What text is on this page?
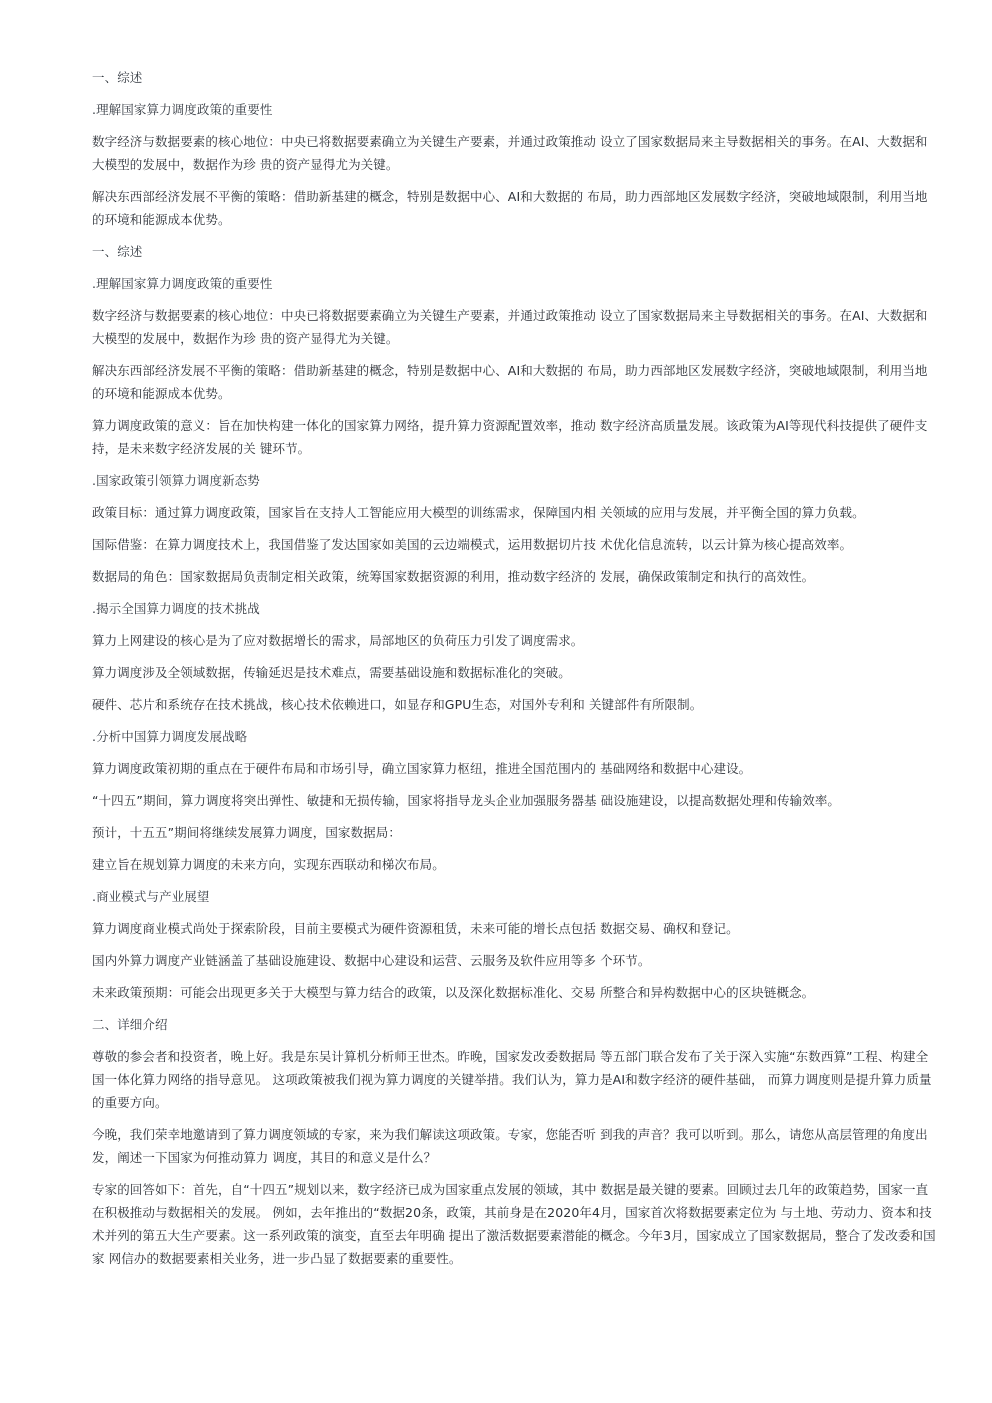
一、综述

.理解国家算力调度政策的重要性

数字经济与数据要素的核心地位：中央已将数据要素确立为关键生产要素，并通过政策推动 设立了国家数据局来主导数据相关的事务。在AI、大数据和大模型的发展中，数据作为珍 贵的资产显得尤为关键。

解决东西部经济发展不平衡的策略：借助新基建的概念，特别是数据中心、AI和大数据的 布局，助力西部地区发展数字经济，突破地域限制，利用当地的环境和能源成本优势。

一、综述

.理解国家算力调度政策的重要性

数字经济与数据要素的核心地位：中央已将数据要素确立为关键生产要素，并通过政策推动 设立了国家数据局来主导数据相关的事务。在AI、大数据和大模型的发展中，数据作为珍 贵的资产显得尤为关键。

解决东西部经济发展不平衡的策略：借助新基建的概念，特别是数据中心、AI和大数据的 布局，助力西部地区发展数字经济，突破地域限制，利用当地的环境和能源成本优势。

算力调度政策的意义：旨在加快构建一体化的国家算力网络，提升算力资源配置效率，推动 数字经济高质量发展。该政策为AI等现代科技提供了硬件支持，是未来数字经济发展的关 键环节。

.国家政策引领算力调度新态势

政策目标：通过算力调度政策，国家旨在支持人工智能应用大模型的训练需求，保障国内相 关领域的应用与发展，并平衡全国的算力负载。

国际借鉴：在算力调度技术上，我国借鉴了发达国家如美国的云边端模式，运用数据切片技 术优化信息流转，以云计算为核心提高效率。

数据局的角色：国家数据局负责制定相关政策，统筹国家数据资源的利用，推动数字经济的 发展，确保政策制定和执行的高效性。

.揭示全国算力调度的技术挑战

算力上网建设的核心是为了应对数据增长的需求，局部地区的负荷压力引发了调度需求。

算力调度涉及全领域数据，传输延迟是技术难点，需要基础设施和数据标准化的突破。

硬件、芯片和系统存在技术挑战，核心技术依赖进口，如显存和GPU生态，对国外专利和 关键部件有所限制。

.分析中国算力调度发展战略

算力调度政策初期的重点在于硬件布局和市场引导，确立国家算力枢纽，推进全国范围内的 基础网络和数据中心建设。

“十四五”期间，算力调度将突出弹性、敏捷和无损传输，国家将指导龙头企业加强服务器基 础设施建设，以提高数据处理和传输效率。

预计，十五五”期间将继续发展算力调度，国家数据局：

建立旨在规划算力调度的未来方向，实现东西联动和梯次布局。

.商业模式与产业展望

算力调度商业模式尚处于探索阶段，目前主要模式为硬件资源租赁，未来可能的增长点包括 数据交易、确权和登记。

国内外算力调度产业链涵盖了基础设施建设、数据中心建设和运营、云服务及软件应用等多 个环节。

未来政策预期：可能会出现更多关于大模型与算力结合的政策，以及深化数据标准化、交易 所整合和异构数据中心的区块链概念。

二、详细介绍

尊敬的参会者和投资者，晚上好。我是东吴计算机分析师王世杰。昨晚，国家发改委数据局 等五部门联合发布了关于深入实施“东数西算”工程、构建全国一体化算力网络的指导意见。 这项政策被我们视为算力调度的关键举措。我们认为，算力是AI和数字经济的硬件基础， 而算力调度则是提升算力质量的重要方向。

今晚，我们荣幸地邀请到了算力调度领域的专家，来为我们解读这项政策。专家，您能否听 到我的声音？我可以听到。那么，请您从高层管理的角度出发，阐述一下国家为何推动算力 调度，其目的和意义是什么？

专家的回答如下：首先，自“十四五”规划以来，数字经济已成为国家重点发展的领域，其中 数据是最关键的要素。回顾过去几年的政策趋势，国家一直在积极推动与数据相关的发展。 例如，去年推出的“数据20条，政策，其前身是在2020年4月，国家首次将数据要素定位为 与土地、劳动力、资本和技术并列的第五大生产要素。这一系列政策的演变，直至去年明确 提出了激活数据要素潜能的概念。今年3月，国家成立了国家数据局，整合了发改委和国家 网信办的数据要素相关业务，进一步凸显了数据要素的重要性。
